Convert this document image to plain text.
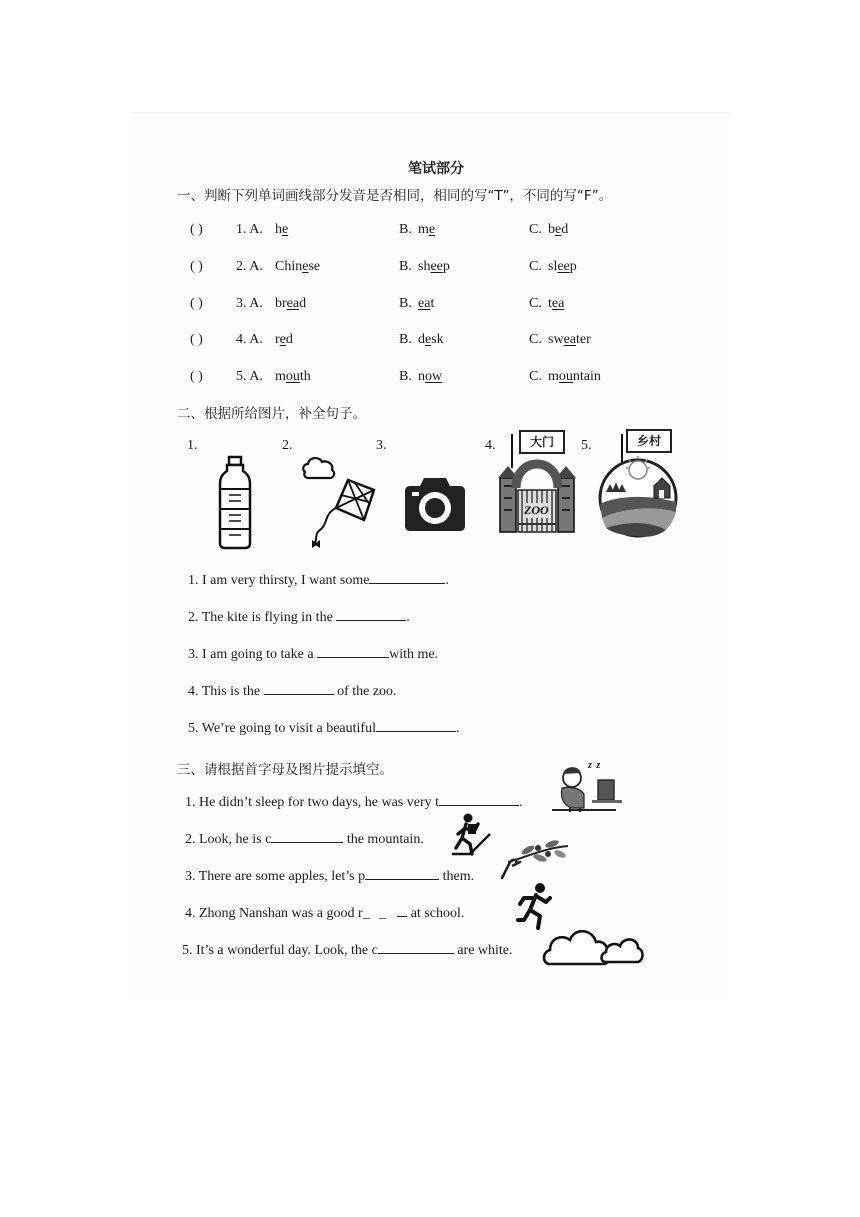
笔试部分
一、判断下列单词画线部分发音是否相同，相同的写“T”，不同的写“F”。
( ) 1. A. he	B. me	C. bed
( ) 2. A. Chinese	B. sheep	C. sleep
( ) 3. A. bread	B. eat	C. tea
( ) 4. A. red	B. desk	C. sweater
( ) 5. A. mouth	B. now	C. mountain
二、根据所给图片，补全句子。
1.	2.	3.	4.	5.
大门
ZOO
乡村
1. I am very thirsty, I want some	.
2. The kite is flying in the	.
3. I am going to take a	with me.
4. This is the	of the zoo.
5. We’re going to visit a beautiful	.
三、请根据首字母及图片提示填空。
1. He didn’t sleep for two days, he was very t	.
2. Look, he is c	the mountain.
3. There are some apples, let’s p	them.
4. Zhong Nanshan was a good r_ _ at school.
5. It’s a wonderful day. Look, the c	are white.
z z
